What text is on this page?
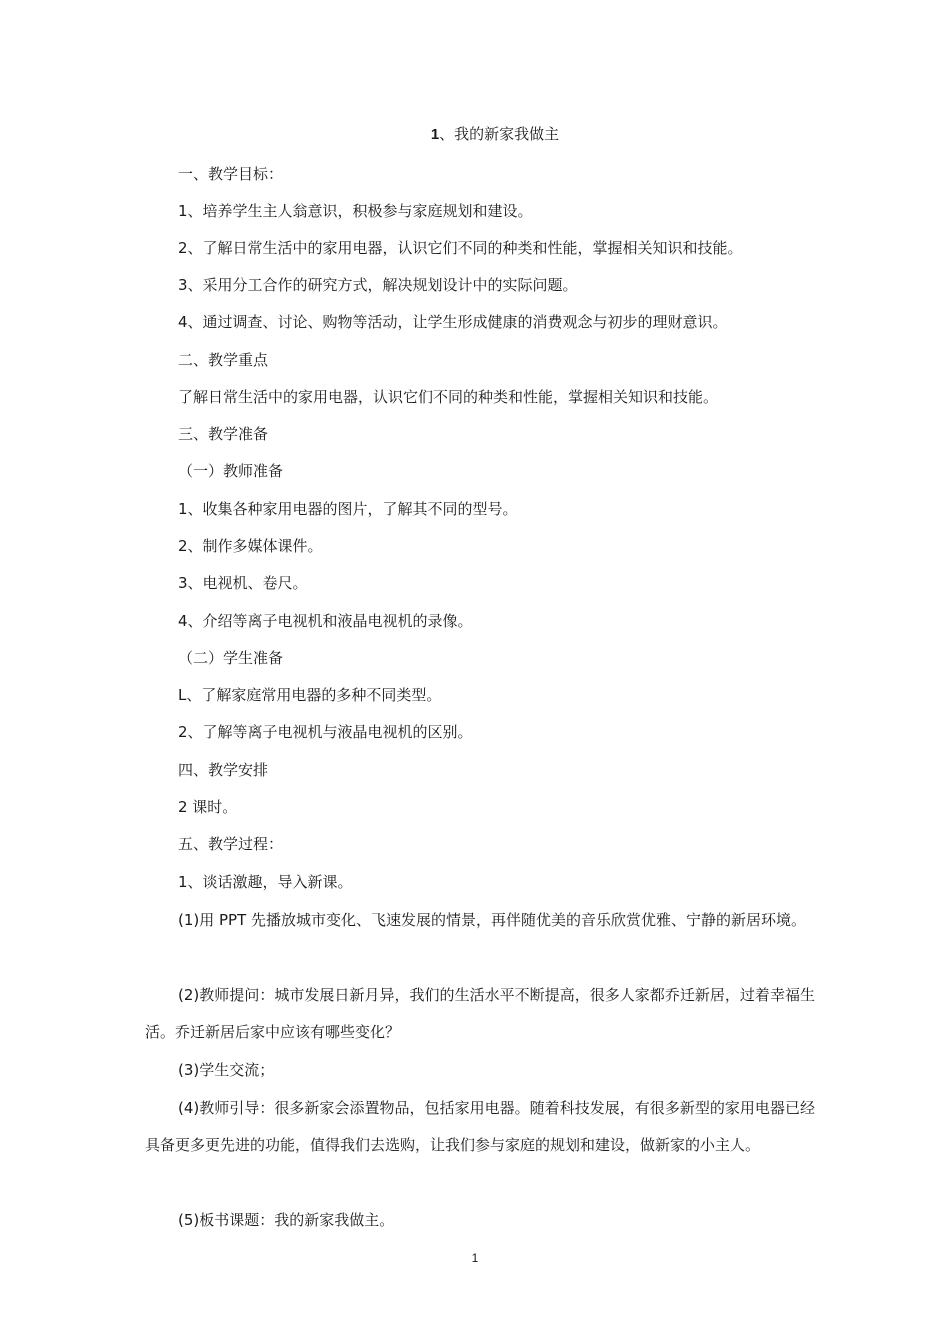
1、我的新家我做主
一、教学目标：
1、培养学生主人翁意识，积极参与家庭规划和建设。
2、了解日常生活中的家用电器，认识它们不同的种类和性能，掌握相关知识和技能。
3、采用分工合作的研究方式，解决规划设计中的实际问题。
4、通过调查、讨论、购物等活动，让学生形成健康的消费观念与初步的理财意识。
二、教学重点
了解日常生活中的家用电器，认识它们不同的种类和性能，掌握相关知识和技能。
三、教学准备
（一）教师准备
1、收集各种家用电器的图片，了解其不同的型号。
2、制作多媒体课件。
3、电视机、卷尺。
4、介绍等离子电视机和液晶电视机的录像。
（二）学生准备
L、了解家庭常用电器的多种不同类型。
2、了解等离子电视机与液晶电视机的区别。
四、教学安排
2 课时。
五、教学过程：
1、谈话激趣，导入新课。
(1)用 PPT 先播放城市变化、飞速发展的情景，再伴随优美的音乐欣赏优雅、宁静的新居环境。
(2)教师提问：城市发展日新月异，我们的生活水平不断提高，很多人家都乔迁新居，过着幸福生活。乔迁新居后家中应该有哪些变化？
(3)学生交流；
(4)教师引导：很多新家会添置物品，包括家用电器。随着科技发展，有很多新型的家用电器已经具备更多更先进的功能，值得我们去选购，让我们参与家庭的规划和建设，做新家的小主人。
(5)板书课题：我的新家我做主。
1
